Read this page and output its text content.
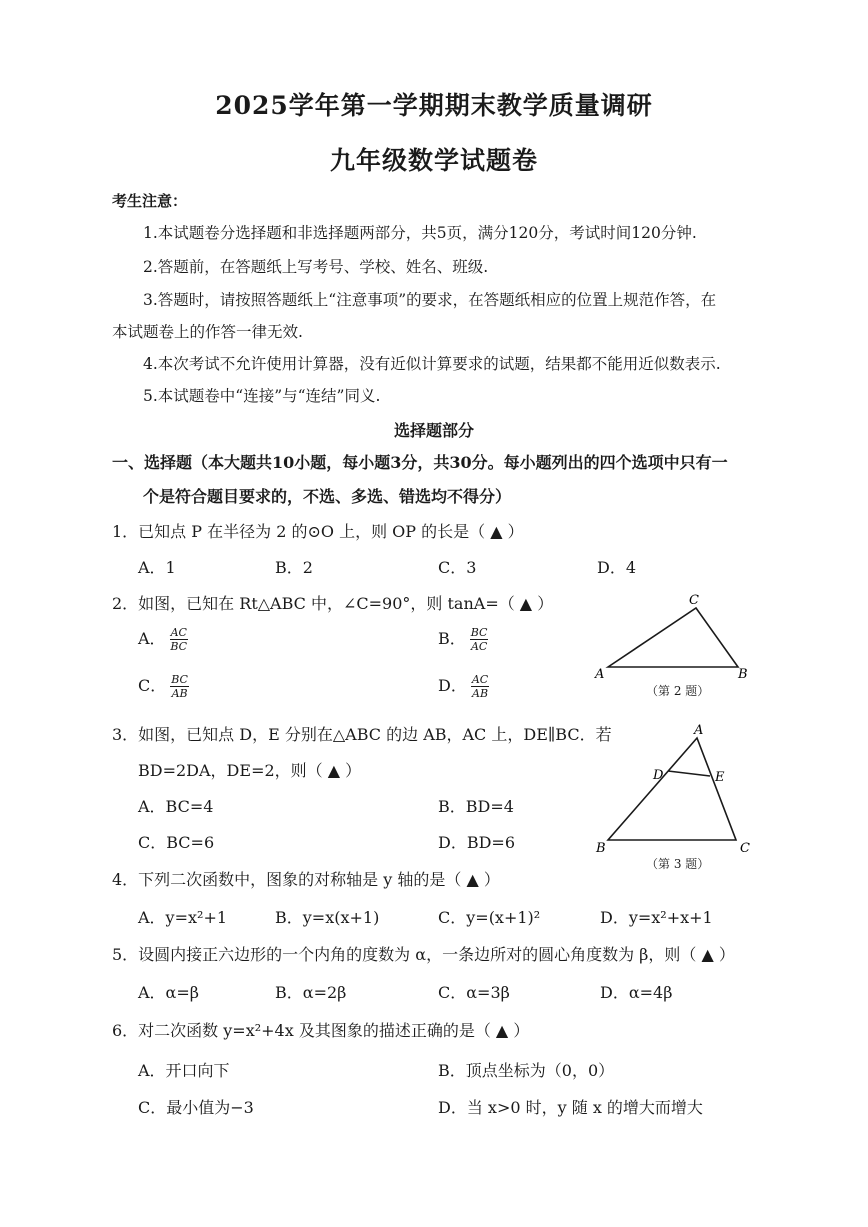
2025学年第一学期期末教学质量调研
九年级数学试题卷
考生注意：
1.本试题卷分选择题和非选择题两部分，共5页，满分120分，考试时间120分钟.
2.答题前，在答题纸上写考号、学校、姓名、班级.
3.答题时，请按照答题纸上“注意事项”的要求，在答题纸相应的位置上规范作答，在
本试题卷上的作答一律无效.
4.本次考试不允许使用计算器，没有近似计算要求的试题，结果都不能用近似数表示.
5.本试题卷中“连接”与“连结”同义.
选择题部分
一、选择题（本大题共10小题，每小题3分，共30分。每小题列出的四个选项中只有一
个是符合题目要求的，不选、多选、错选均不得分）
1．已知点 P 在半径为 2 的⊙O 上，则 OP 的长是（ ▲ ）
A．1	B．2	C．3	D．4
2．如图，已知在 Rt△ABC 中，∠C=90°，则 tanA=（ ▲ ）
A． $\frac{AC}{BC}$	B． $\frac{BC}{AC}$
C． $\frac{BC}{AB}$	D． $\frac{AC}{AB}$	A	B
C
（第 2 题）
3．如图，已知点 D，E 分别在△ABC 的边 AB，AC 上，DE∥BC．若
BD=2DA，DE=2，则（ ▲ ）
A．BC=4	B．BD=4
C．BC=6	D．BD=6
A
B	C
D	E
（第 3 题）
4．下列二次函数中，图象的对称轴是 y 轴的是（ ▲ ）
A．y=x²+1	B．y=x(x+1)	C．y=(x+1)²	D．y=x²+x+1
5．设圆内接正六边形的一个内角的度数为 α，一条边所对的圆心角度数为 β，则（ ▲ ）
A．α=β	B．α=2β	C．α=3β	D．α=4β
6．对二次函数 y=x²+4x 及其图象的描述正确的是（ ▲ ）
A．开口向下	B．顶点坐标为（0，0）
C．最小值为−3	D．当 x>0 时，y 随 x 的增大而增大
